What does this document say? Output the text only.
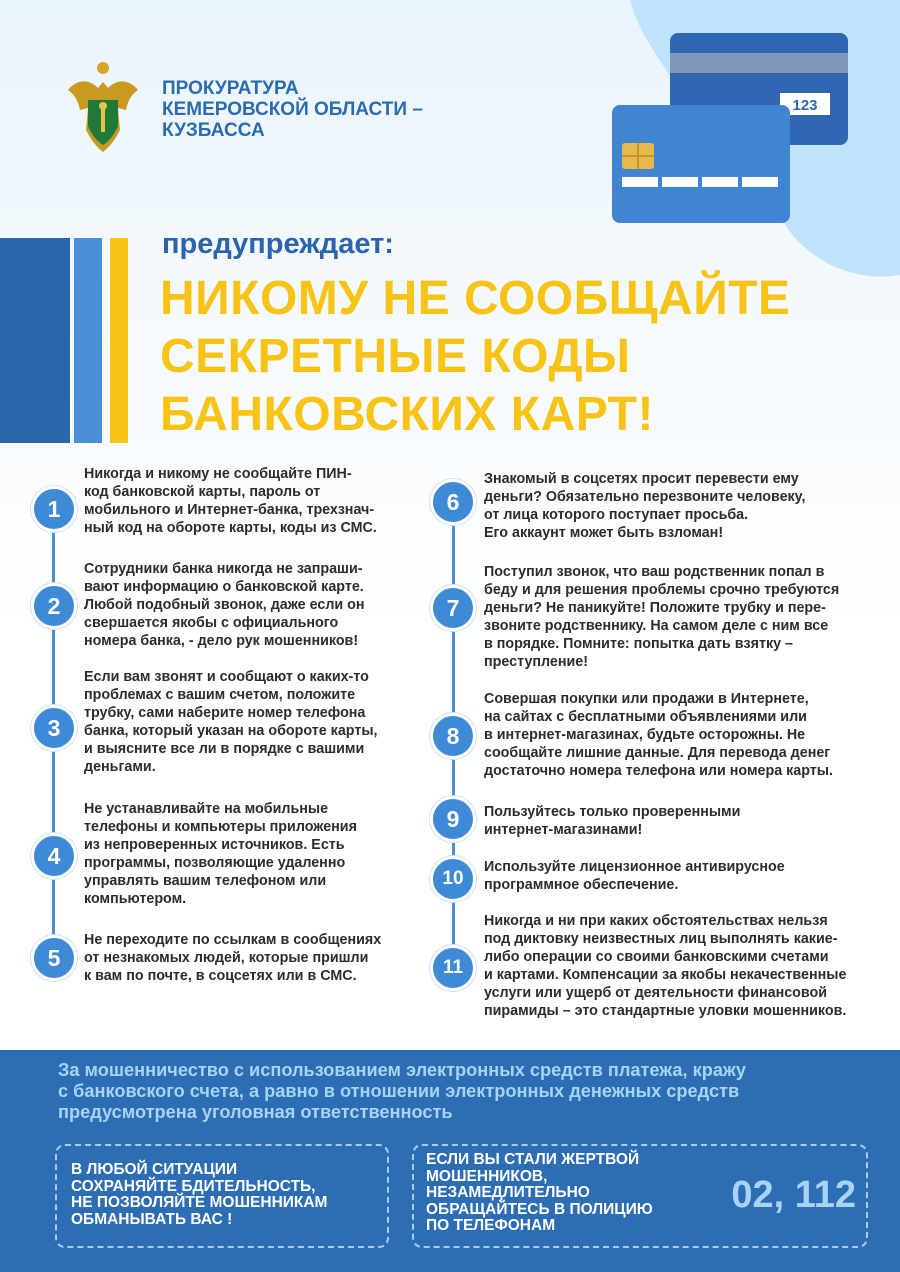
ПРОКУРАТУРА
КЕМЕРОВСКОЙ ОБЛАСТИ –
КУЗБАССА
123
предупреждает:
НИКОМУ НЕ СООБЩАЙТЕ
СЕКРЕТНЫЕ КОДЫ
БАНКОВСКИХ КАРТ!
1
Никогда и никому не сообщайте ПИН-
код банковской карты, пароль от
мобильного и Интернет-банка, трехзнач-
ный код на обороте карты, коды из СМС.
2
Сотрудники банка никогда не запраши-
вают информацию о банковской карте.
Любой подобный звонок, даже если он
свершается якобы с официального
номера банка, - дело рук мошенников!
3
Если вам звонят и сообщают о каких-то
проблемах с вашим счетом, положите
трубку, сами наберите номер телефона
банка, который указан на обороте карты,
и выясните все ли в порядке с вашими
деньгами.
4
Не устанавливайте на мобильные
телефоны и компьютеры приложения
из непроверенных источников. Есть
программы, позволяющие удаленно
управлять вашим телефоном или
компьютером.
5
Не переходите по ссылкам в сообщениях
от незнакомых людей, которые пришли
к вам по почте, в соцсетях или в СМС.
6
Знакомый в соцсетях просит перевести ему
деньги? Обязательно перезвоните человеку,
от лица которого поступает просьба.
Его аккаунт может быть взломан!
7
Поступил звонок, что ваш родственник попал в
беду и для решения проблемы срочно требуются
деньги? Не паникуйте! Положите трубку и пере-
звоните родственнику. На самом деле с ним все
в порядке. Помните: попытка дать взятку –
преступление!
8
Совершая покупки или продажи в Интернете,
на сайтах с бесплатными объявлениями или
в интернет-магазинах, будьте осторожны. Не
сообщайте лишние данные. Для перевода денег
достаточно номера телефона или номера карты.
9	Пользуйтесь только проверенными
интернет-магазинами!
10
Используйте лицензионное антивирусное
программное обеспечение.
11
Никогда и ни при каких обстоятельствах нельзя
под диктовку неизвестных лиц выполнять какие-
либо операции со своими банковскими счетами
и картами. Компенсации за якобы некачественные
услуги или ущерб от деятельности финансовой
пирамиды – это стандартные уловки мошенников.
За мошенничество с использованием электронных средств платежа, кражу
с банковского счета, а равно в отношении электронных денежных средств
предусмотрена уголовная ответственность
В ЛЮБОЙ СИТУАЦИИ
СОХРАНЯЙТЕ БДИТЕЛЬНОСТЬ,
НЕ ПОЗВОЛЯЙТЕ МОШЕННИКАМ
ОБМАНЫВАТЬ ВАС !
ЕСЛИ ВЫ СТАЛИ ЖЕРТВОЙ
МОШЕННИКОВ,
НЕЗАМЕДЛИТЕЛЬНО
ОБРАЩАЙТЕСЬ В ПОЛИЦИЮ
ПО ТЕЛЕФОНАМ
02, 112
